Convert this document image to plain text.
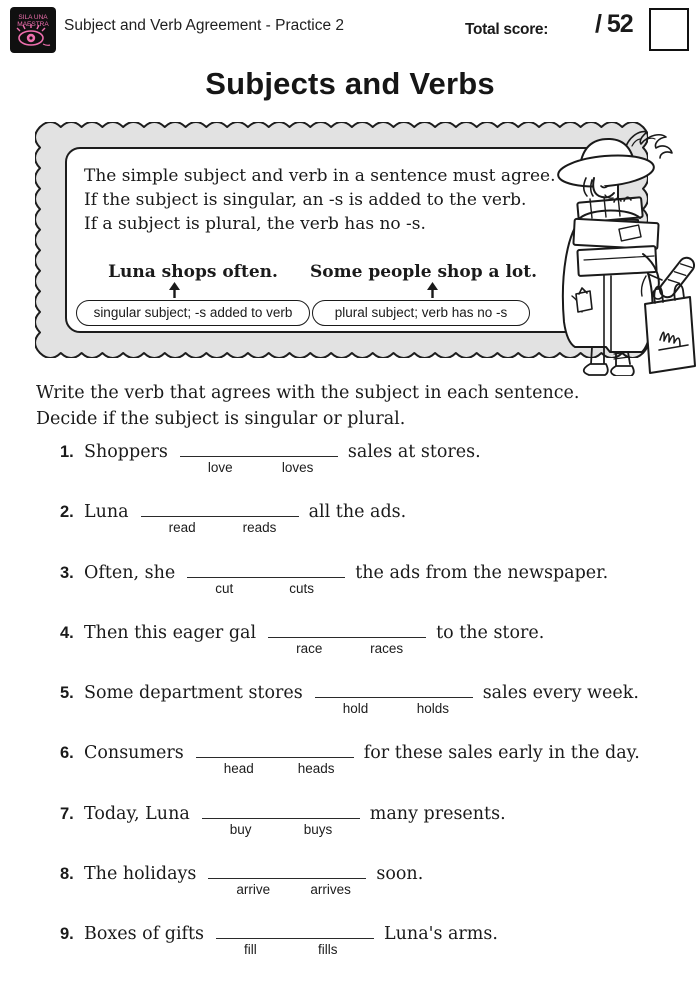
SILA UNA
MAESTRA Subject and Verb Agreement - Practice 2	Total score: / 52
Subjects and Verbs

The simple subject and verb in a sentence must agree.

If the subject is singular, an -s is added to the verb.

If a subject is plural, the verb has no -s.

Luna shops often.
singular subject; -s added to verb
Some people shop a lot.
plural subject; verb has no -s

Write the verb that agrees with the subject in each sentence.
Decide if the subject is singular or plural.

1. Shoppers
love	loves
sales at stores.
2. Luna
read	reads
all the ads.
3. Often, she
cut	cuts
the ads from the newspaper.
4. Then this eager gal
race	races
to the store.
5. Some department stores
hold	holds
sales every week.
6. Consumers
head	heads
for these sales early in the day.
7. Today, Luna
buy	buys
many presents.
8. The holidays
arrive	arrives
soon.
9. Boxes of gifts
fill	fills
Luna's arms.
